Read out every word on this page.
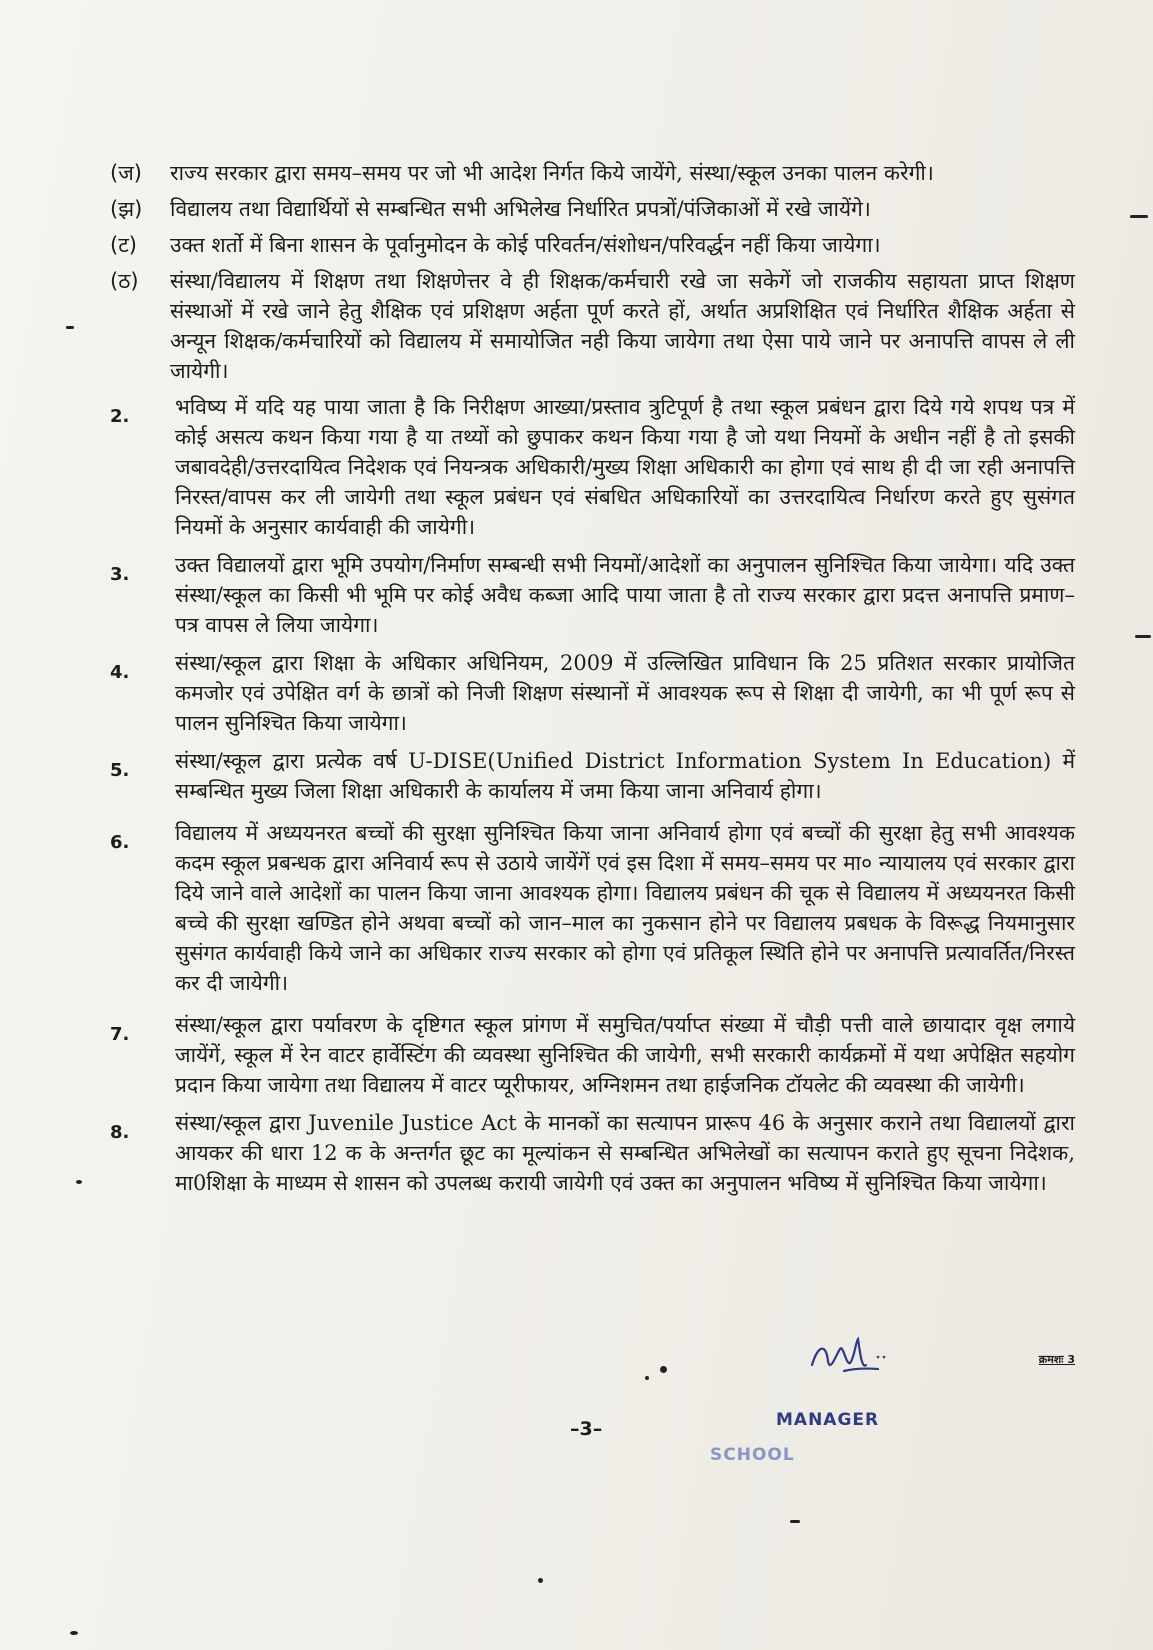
(ज)	राज्य सरकार द्वारा समय–समय पर जो भी आदेश निर्गत किये जायेंगे, संस्था/स्कूल उनका पालन करेगी।
(झ)	विद्यालय तथा विद्यार्थियों से सम्बन्धित सभी अभिलेख निर्धारित प्रपत्रों/पंजिकाओं में रखे जायेंगे।
(ट)	उक्त शर्तो में बिना शासन के पूर्वानुमोदन के कोई परिवर्तन/संशोधन/परिवर्द्धन नहीं किया जायेगा।
(ठ)	संस्था/विद्यालय में शिक्षण तथा शिक्षणेत्तर वे ही शिक्षक/कर्मचारी रखे जा सकेगें जो राजकीय सहायता प्राप्त शिक्षण संस्थाओं में रखे जाने हेतु शैक्षिक एवं प्रशिक्षण अर्हता पूर्ण करते हों, अर्थात अप्रशिक्षित एवं निर्धारित शैक्षिक अर्हता से अन्यून शिक्षक/कर्मचारियों को विद्यालय में समायोजित नही किया जायेगा तथा ऐसा पाये जाने पर अनापत्ति वापस ले ली जायेगी।
2.	भविष्य में यदि यह पाया जाता है कि निरीक्षण आख्या/प्रस्ताव त्रुटिपूर्ण है तथा स्कूल प्रबंधन द्वारा दिये गये शपथ पत्र में कोई असत्य कथन किया गया है या तथ्यों को छुपाकर कथन किया गया है जो यथा नियमों के अधीन नहीं है तो इसकी जबावदेही/उत्तरदायित्व निदेशक एवं नियन्त्रक अधिकारी/मुख्य शिक्षा अधिकारी का होगा एवं साथ ही दी जा रही अनापत्ति निरस्त/वापस कर ली जायेगी तथा स्कूल प्रबंधन एवं संबधित अधिकारियों का उत्तरदायित्व निर्धारण करते हुए सुसंगत नियमों के अनुसार कार्यवाही की जायेगी।
3.	उक्त विद्यालयों द्वारा भूमि उपयोग/निर्माण सम्बन्धी सभी नियमों/आदेशों का अनुपालन सुनिश्चित किया जायेगा। यदि उक्त संस्था/स्कूल का किसी भी भूमि पर कोई अवैध कब्जा आदि पाया जाता है तो राज्य सरकार द्वारा प्रदत्त अनापत्ति प्रमाण–पत्र वापस ले लिया जायेगा।
4.	संस्था/स्कूल द्वारा शिक्षा के अधिकार अधिनियम, 2009 में उल्लिखित प्राविधान कि 25 प्रतिशत सरकार प्रायोजित कमजोर एवं उपेक्षित वर्ग के छात्रों को निजी शिक्षण संस्थानों में आवश्यक रूप से शिक्षा दी जायेगी, का भी पूर्ण रूप से पालन सुनिश्चित किया जायेगा।
5.	संस्था/स्कूल द्वारा प्रत्येक वर्ष U-DISE(Unified District Information System In Education) में सम्बन्धित मुख्य जिला शिक्षा अधिकारी के कार्यालय में जमा किया जाना अनिवार्य होगा।
6.	विद्यालय में अध्ययनरत बच्चों की सुरक्षा सुनिश्चित किया जाना अनिवार्य होगा एवं बच्चों की सुरक्षा हेतु सभी आवश्यक कदम स्कूल प्रबन्धक द्वारा अनिवार्य रूप से उठाये जायेंगें एवं इस दिशा में समय–समय पर मा० न्यायालय एवं सरकार द्वारा दिये जाने वाले आदेशों का पालन किया जाना आवश्यक होगा। विद्यालय प्रबंधन की चूक से विद्यालय में अध्ययनरत किसी बच्चे की सुरक्षा खण्डित होने अथवा बच्चों को जान–माल का नुकसान होने पर विद्यालय प्रबधक के विरूद्ध नियमानुसार सुसंगत कार्यवाही किये जाने का अधिकार राज्य सरकार को होगा एवं प्रतिकूल स्थिति होने पर अनापत्ति प्रत्यावर्तित/निरस्त कर दी जायेगी।
7.	संस्था/स्कूल द्वारा पर्यावरण के दृष्टिगत स्कूल प्रांगण में समुचित/पर्याप्त संख्या में चौड़ी पत्ती वाले छायादार वृक्ष लगाये जायेंगें, स्कूल में रेन वाटर हार्वेस्टिंग की व्यवस्था सुनिश्चित की जायेगी, सभी सरकारी कार्यक्रमों में यथा अपेक्षित सहयोग प्रदान किया जायेगा तथा विद्यालय में वाटर प्यूरीफायर, अग्निशमन तथा हाईजनिक टॉयलेट की व्यवस्था की जायेगी।
8.	संस्था/स्कूल द्वारा Juvenile Justice Act के मानकों का सत्यापन प्रारूप 46 के अनुसार कराने तथा विद्यालयों द्वारा आयकर की धारा 12 क के अन्तर्गत छूट का मूल्यांकन से सम्बन्धित अभिलेखों का सत्यापन कराते हुए सूचना निदेशक, मा0शिक्षा के माध्यम से शासन को उपलब्ध करायी जायेगी एवं उक्त का अनुपालन भविष्य में सुनिश्चित किया जायेगा।
क्रमशः 3
MANAGER
SCHOOL
–3–
